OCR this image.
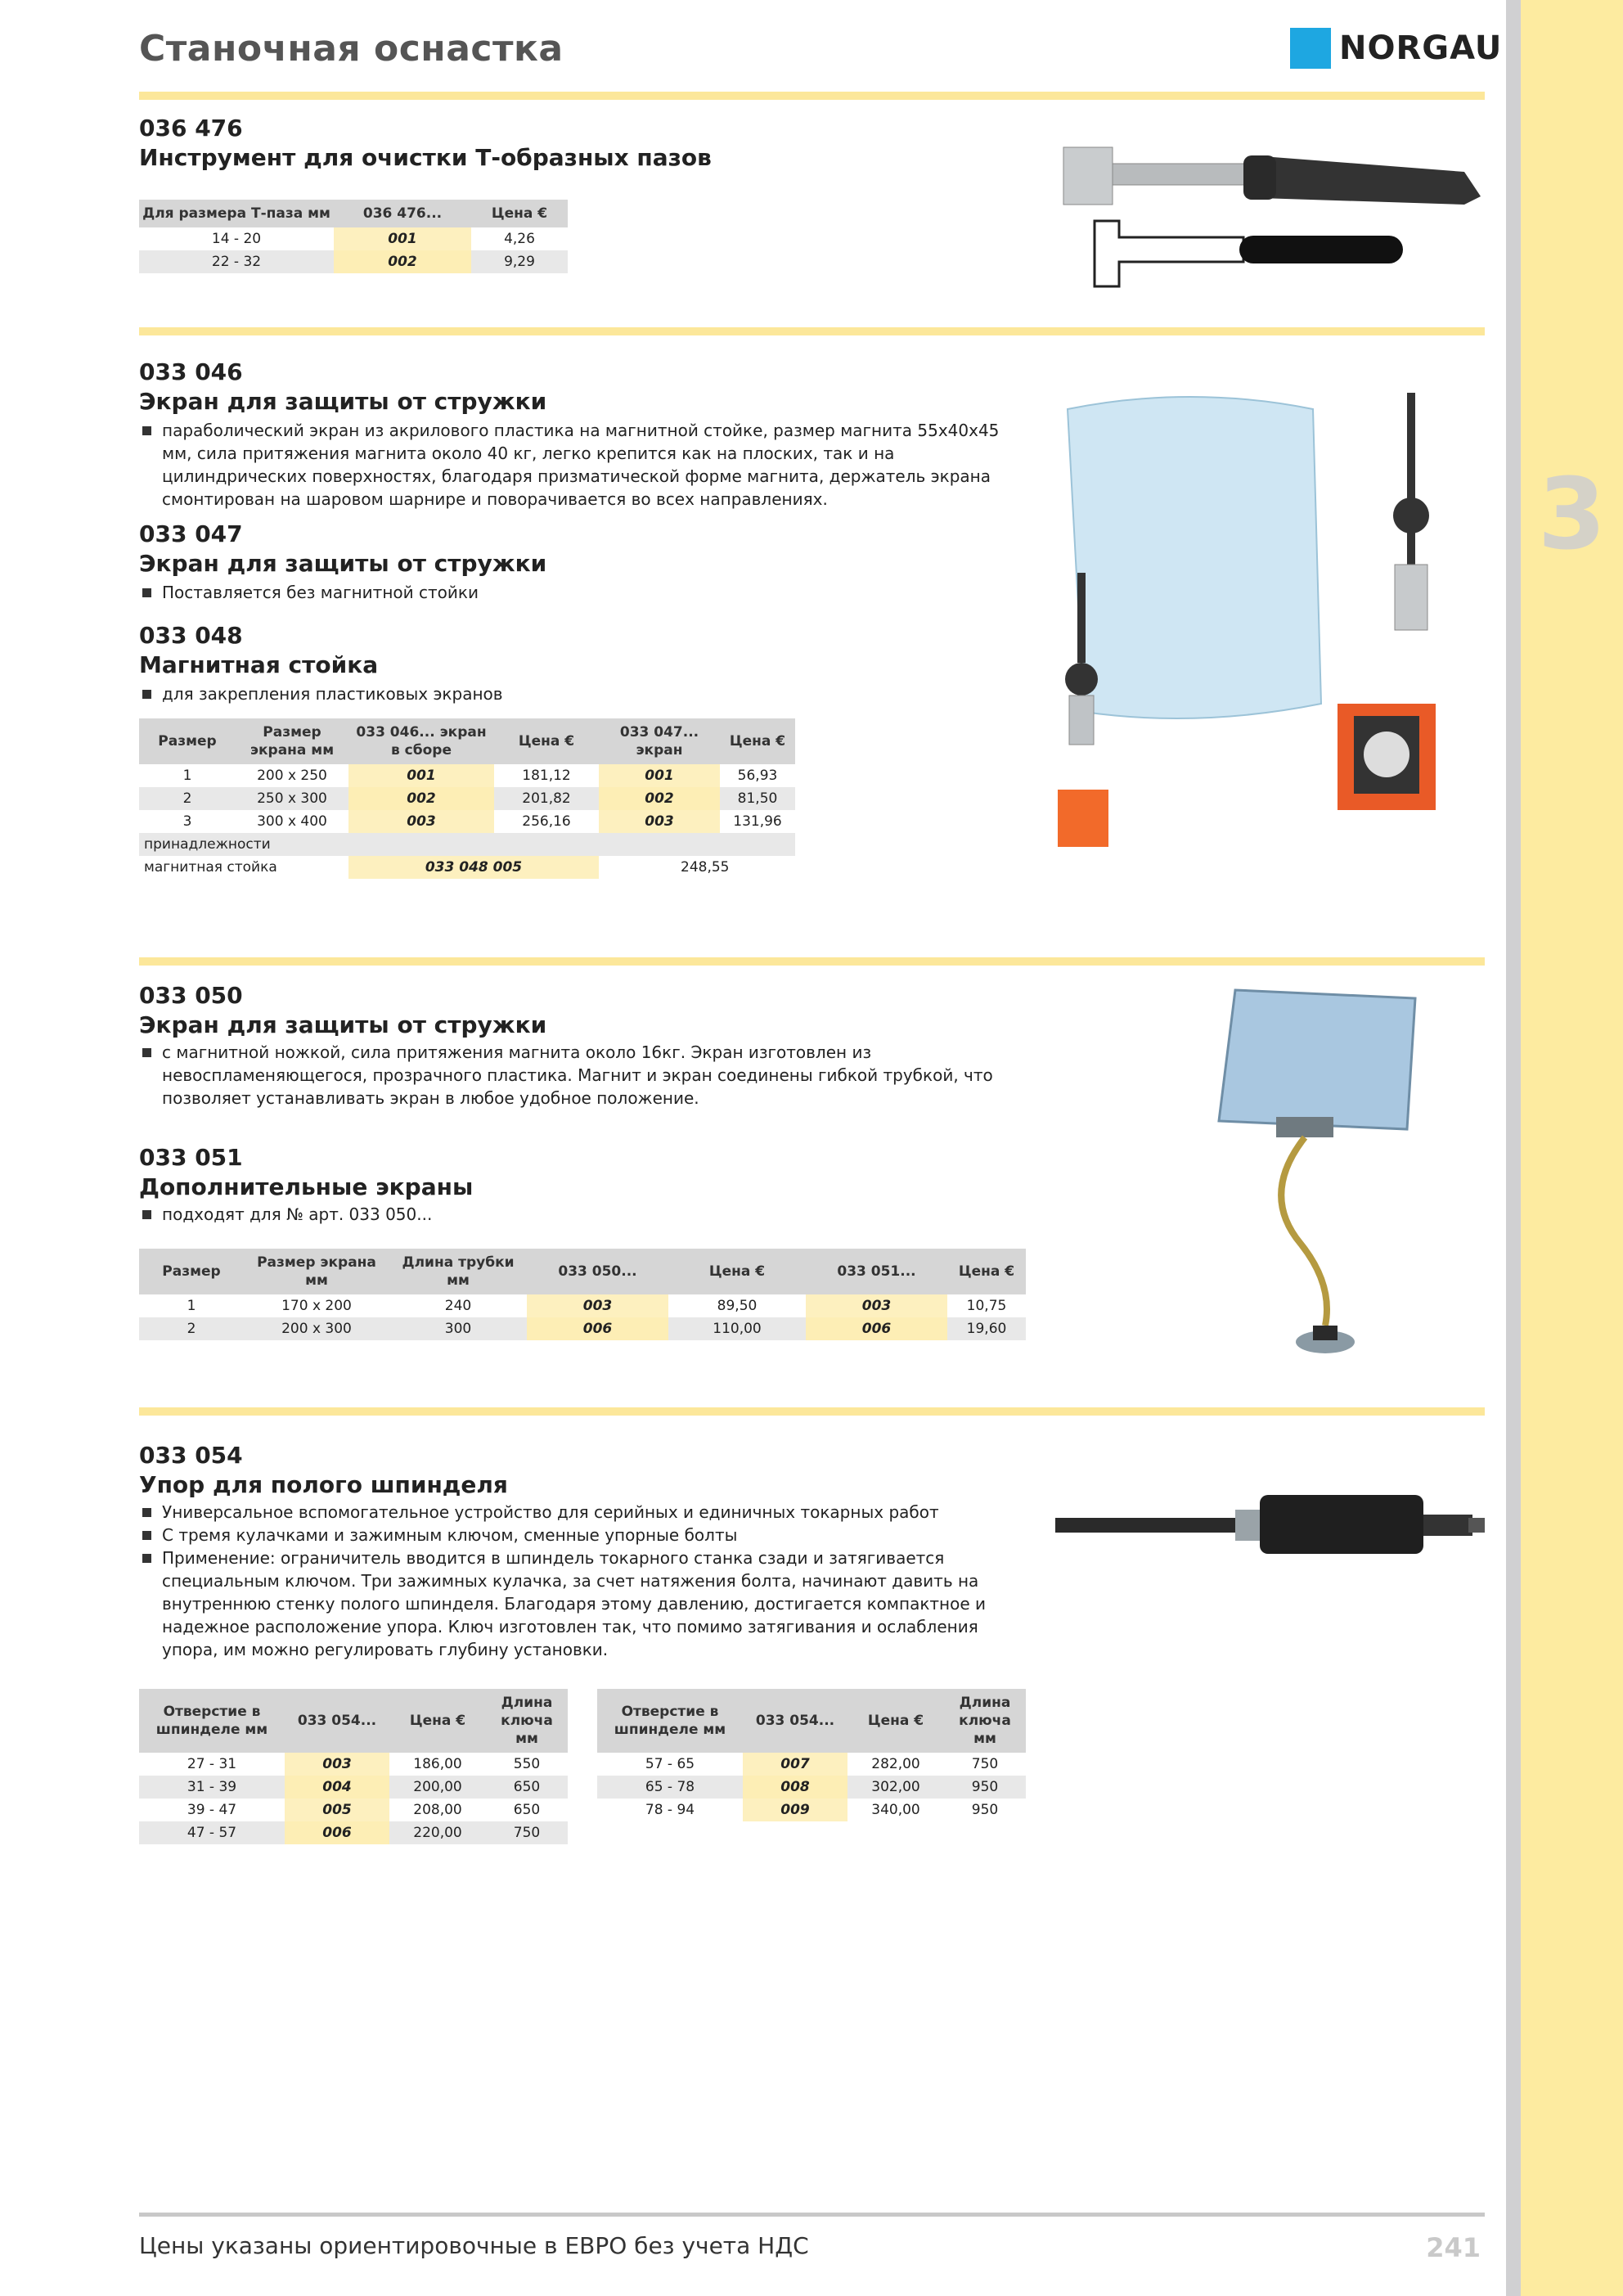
3
Станочная оснастка	NORGAU
036 476
Инструмент для очистки Т-образных пазов
Для размера Т-паза мм	036 476...	Цена €
14 - 20	001	4,26
22 - 32	002	9,29
033 046
Экран для защиты от стружки
параболический экран из акрилового пластика на магнитной стойке, размер магнита 55x40x45 мм, сила притяжения магнита около 40 кг, легко крепится как на плоских, так и на цилиндрических поверхностях, благодаря призматической форме магнита, держатель экрана смонтирован на шаровом шарнире и поворачивается во всех направлениях.
033 047
Экран для защиты от стружки
Поставляется без магнитной стойки
033 048
Магнитная стойка
для закрепления пластиковых экранов
Размер	Размер экрана мм	033 046... экран в сборе	Цена €	033 047... экран	Цена €
1	200 x 250	001	181,12	001	56,93
2	250 x 300	002	201,82	002	81,50
3	300 x 400	003	256,16	003	131,96
принадлежности					
магнитная стойка		033 048 005		248,55	
033 050
Экран для защиты от стружки
с магнитной ножкой, сила притяжения магнита около 16кг. Экран изготовлен из невоспламеняющегося, прозрачного пластика. Магнит и экран соединены гибкой трубкой, что позволяет устанавливать экран в любое удобное положение.
033 051
Дополнительные экраны
подходят для № арт. 033 050...
Размер	Размер экрана мм	Длина трубки мм	033 050...	Цена €	033 051...	Цена €
1	170 x 200	240	003	89,50	003	10,75
2	200 x 300	300	006	110,00	006	19,60
033 054
Упор для полого шпинделя
Универсальное вспомогательное устройство для серийных и единичных токарных работ
С тремя кулачками и зажимным ключом, сменные упорные болты
Применение: ограничитель вводится в шпиндель токарного станка сзади и затягивается специальным ключом. Три зажимных кулачка, за счет натяжения болта, начинают давить на внутреннюю стенку полого шпинделя. Благодаря этому давлению, достигается компактное и надежное расположение упора. Ключ изготовлен так, что помимо затягивания и ослабления упора, им можно регулировать глубину установки.
Отверстие в шпинделе мм	033 054...	Цена €	Длина ключа мм
27 - 31	003	186,00	550
31 - 39	004	200,00	650
39 - 47	005	208,00	650
47 - 57	006	220,00	750
Отверстие в шпинделе мм	033 054...	Цена €	Длина ключа мм
57 - 65	007	282,00	750
65 - 78	008	302,00	950
78 - 94	009	340,00	950
Цены указаны ориентировочные в ЕВРО без учета НДС	241
